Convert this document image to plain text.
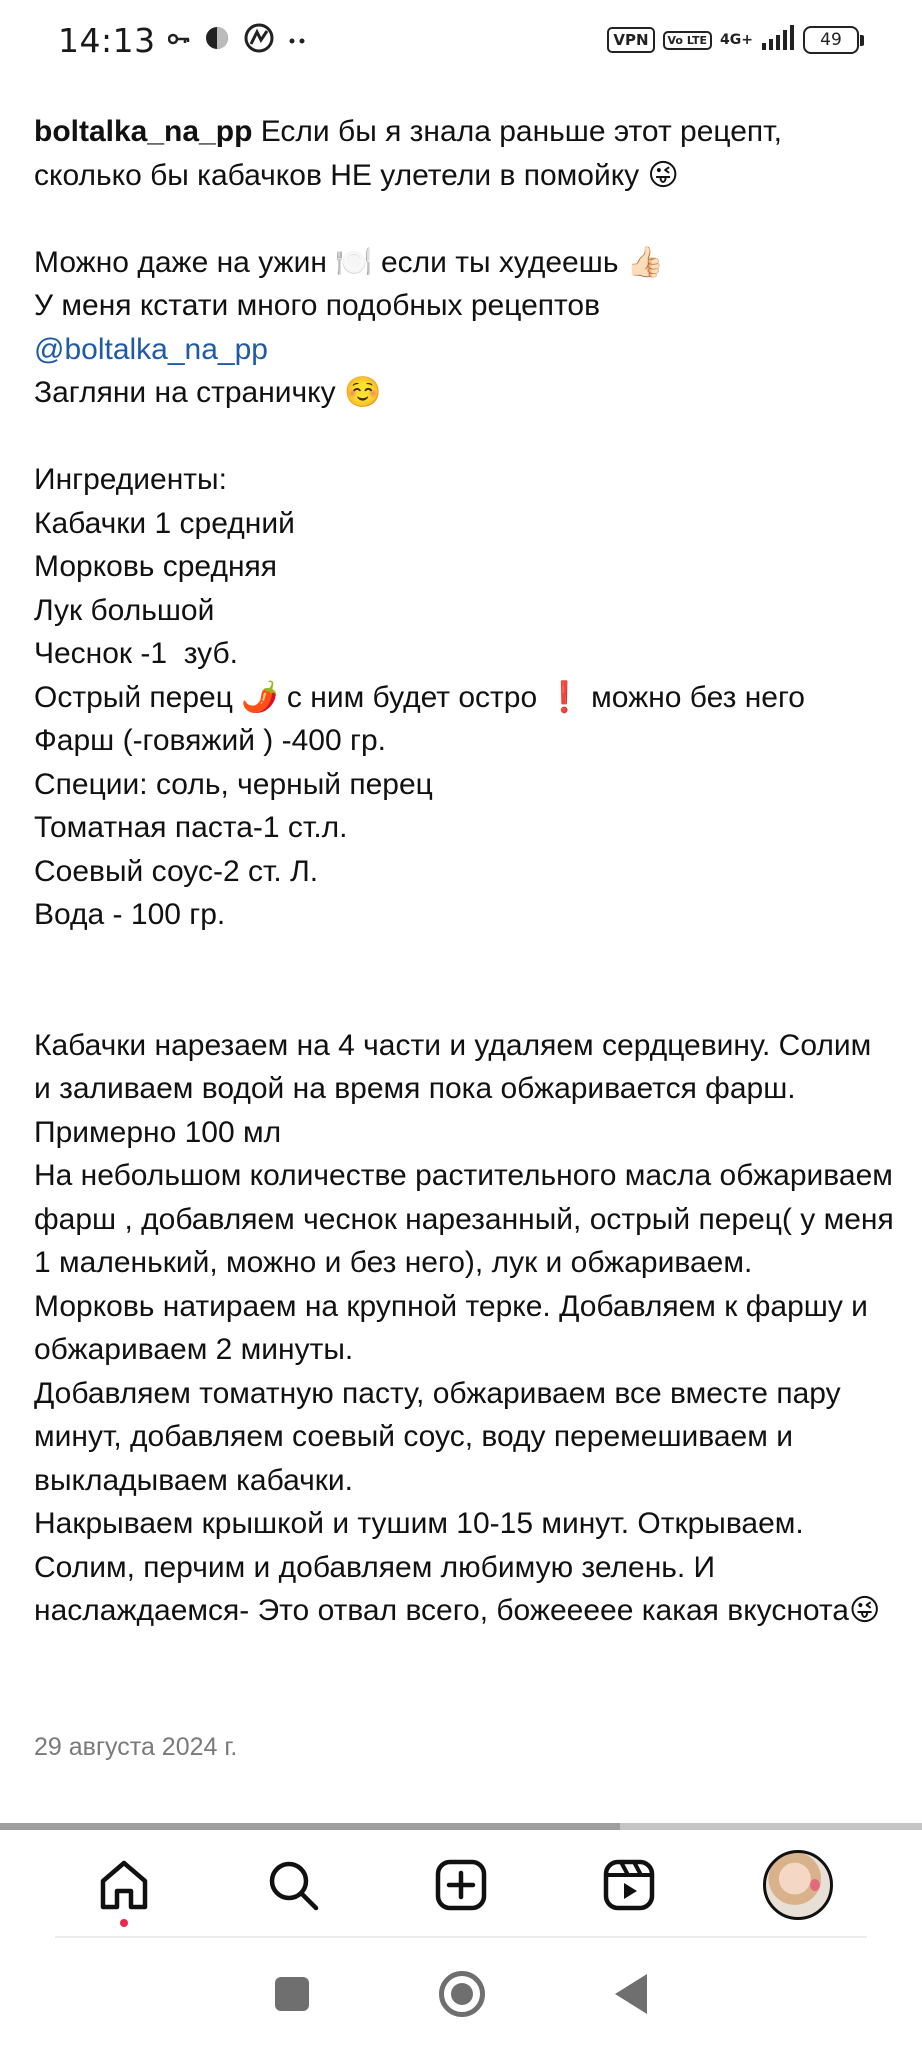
14:13	VPN	Vo LTE 4G+	49

boltalka_na_pp Если бы я знала раньше этот рецепт, сколько бы кабачков НЕ улетели в помойку 😜

Можно даже на ужин 🍽️ если ты худеешь 👍🏻

У меня кстати много подобных рецептов

@boltalka_na_pp

Загляни на страничку ☺️

Ингредиенты:

Кабачки 1 средний

Морковь средняя

Лук большой

Чеснок -1  зуб.

Острый перец 🌶️ с ним будет остро ❗ можно без него

Фарш (-говяжий ) -400 гр.

Специи: соль, черный перец

Томатная паста-1 ст.л.

Соевый соус-2 ст. Л.

Вода - 100 гр.

Кабачки нарезаем на 4 части и удаляем сердцевину. Солим и заливаем водой на время пока обжаривается фарш. Примерно 100 мл

На небольшом количестве растительного масла обжариваем фарш , добавляем чеснок нарезанный, острый перец( у меня 1 маленький, можно и без него), лук и обжариваем.

Морковь натираем на крупной терке. Добавляем к фаршу и обжариваем 2 минуты.

Добавляем томатную пасту, обжариваем все вместе пару минут, добавляем соевый соус, воду перемешиваем и выкладываем кабачки.

Накрываем крышкой и тушим 10-15 минут. Открываем. Солим, перчим и добавляем любимую зелень. И наслаждаемся- Это отвал всего, божеееее какая вкуснота😜

29 августа 2024 г.
